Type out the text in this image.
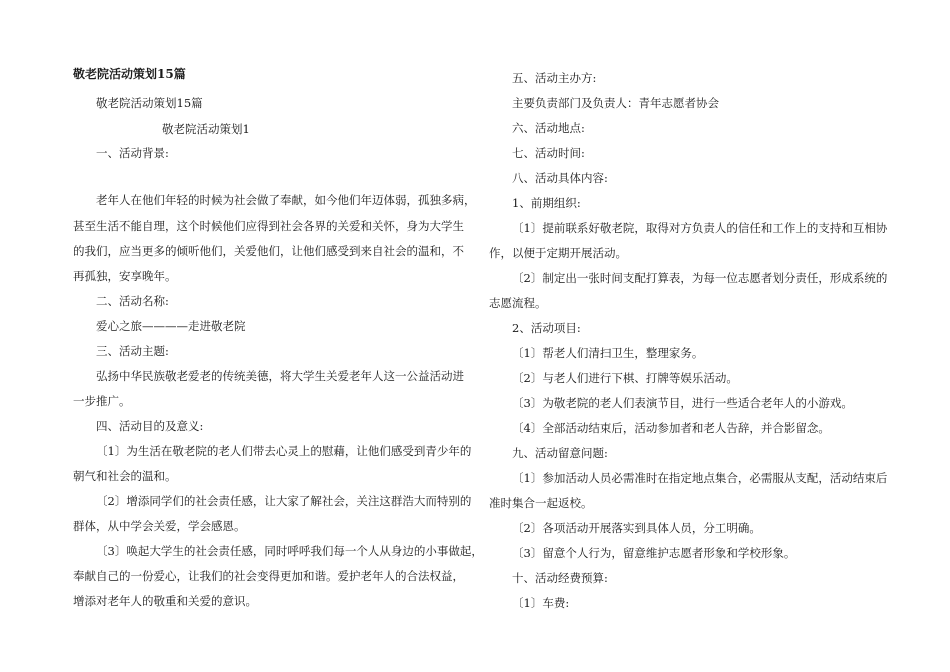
敬老院活动策划15篇
敬老院活动策划15篇
敬老院活动策划1
一、活动背景:
老年人在他们年轻的时候为社会做了奉献，如今他们年迈体弱，孤独多病，
甚至生活不能自理，这个时候他们应得到社会各界的关爱和关怀，身为大学生
的我们，应当更多的倾听他们，关爱他们，让他们感受到来自社会的温和，不
再孤独，安享晚年。
二、活动名称:
爱心之旅————走进敬老院
三、活动主题:
弘扬中华民族敬老爱老的传统美德，将大学生关爱老年人这一公益活动进
一步推广。
四、活动目的及意义:
〔1〕为生活在敬老院的老人们带去心灵上的慰藉，让他们感受到青少年的
朝气和社会的温和。
〔2〕增添同学们的社会责任感，让大家了解社会，关注这群浩大而特别的
群体，从中学会关爱，学会感恩。
〔3〕唤起大学生的社会责任感，同时呼呼我们每一个人从身边的小事做起，
奉献自己的一份爱心，让我们的社会变得更加和谐。爱护老年人的合法权益，
增添对老年人的敬重和关爱的意识。
五、活动主办方:
主要负责部门及负责人：青年志愿者协会
六、活动地点:
七、活动时间:
八、活动具体内容:
1、前期组织:
〔1〕提前联系好敬老院，取得对方负责人的信任和工作上的支持和互相协
作，以便于定期开展活动。
〔2〕制定出一张时间支配打算表，为每一位志愿者划分责任，形成系统的
志愿流程。
2、活动项目:
〔1〕帮老人们清扫卫生，整理家务。
〔2〕与老人们进行下棋、打牌等娱乐活动。
〔3〕为敬老院的老人们表演节目，进行一些适合老年人的小游戏。
〔4〕全部活动结束后，活动参加者和老人告辞，并合影留念。
九、活动留意问题:
〔1〕参加活动人员必需准时在指定地点集合，必需服从支配，活动结束后
准时集合一起返校。
〔2〕各项活动开展落实到具体人员，分工明确。
〔3〕留意个人行为，留意维护志愿者形象和学校形象。
十、活动经费预算:
〔1〕车费:
